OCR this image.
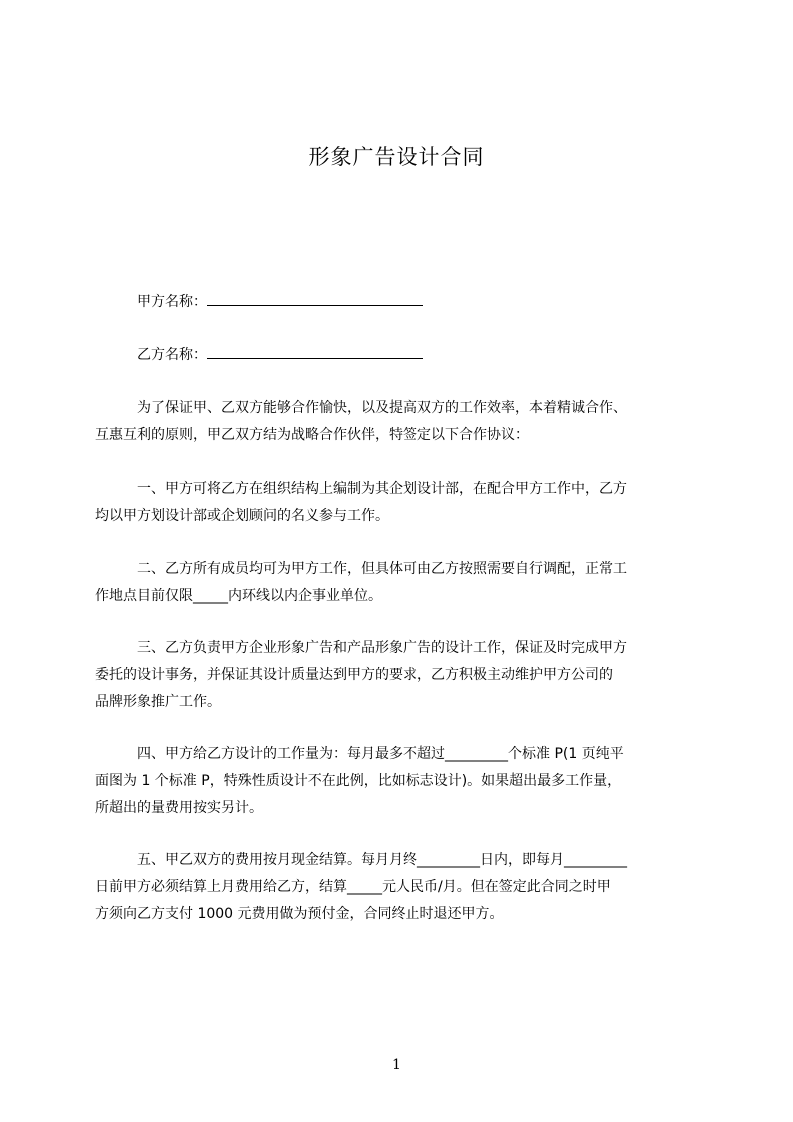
形象广告设计合同
甲方名称：
乙方名称：
为了保证甲、乙双方能够合作愉快，以及提高双方的工作效率，本着精诚合作、
互惠互利的原则，甲乙双方结为战略合作伙伴，特签定以下合作协议：
一、甲方可将乙方在组织结构上编制为其企划设计部，在配合甲方工作中，乙方
均以甲方划设计部或企划顾问的名义参与工作。
二、乙方所有成员均可为甲方工作，但具体可由乙方按照需要自行调配，正常工
作地点目前仅限_____内环线以内企事业单位。
三、乙方负责甲方企业形象广告和产品形象广告的设计工作，保证及时完成甲方
委托的设计事务，并保证其设计质量达到甲方的要求，乙方积极主动维护甲方公司的
品牌形象推广工作。
四、甲方给乙方设计的工作量为：每月最多不超过_________个标准 P(1 页纯平
面图为 1 个标准 P，特殊性质设计不在此例，比如标志设计)。如果超出最多工作量，
所超出的量费用按实另计。
五、甲乙双方的费用按月现金结算。每月月终_________日内，即每月_________
日前甲方必须结算上月费用给乙方，结算_____元人民币/月。但在签定此合同之时甲
方须向乙方支付 1000 元费用做为预付金，合同终止时退还甲方。
1
